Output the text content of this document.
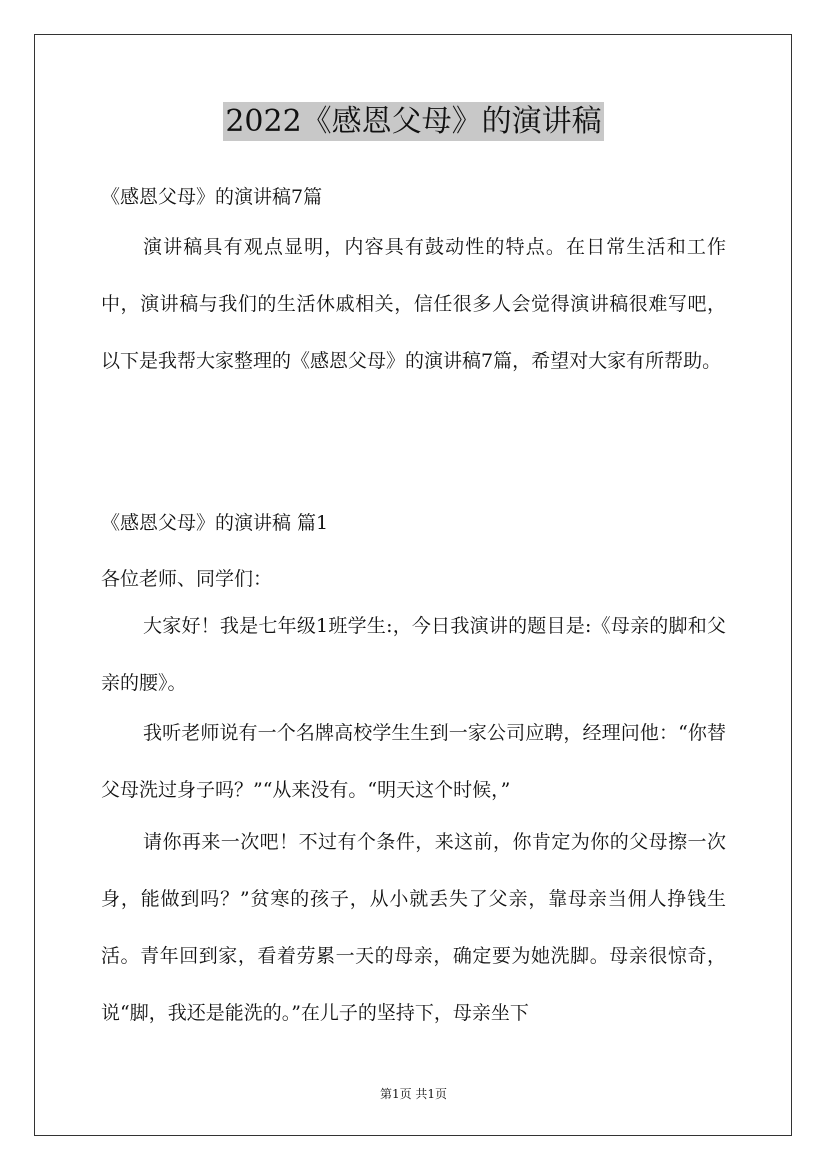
2022《感恩父母》的演讲稿
《感恩父母》的演讲稿7篇
演讲稿具有观点显明，内容具有鼓动性的特点。在日常生活和工作中，演讲稿与我们的生活休戚相关，信任很多人会觉得演讲稿很难写吧，以下是我帮大家整理的《感恩父母》的演讲稿7篇，希望对大家有所帮助。
《感恩父母》的演讲稿 篇1
各位老师、同学们：
大家好！我是七年级1班学生:，今日我演讲的题目是:《母亲的脚和父亲的腰》。
我听老师说有一个名牌高校学生生到一家公司应聘，经理问他：“你替父母洗过身子吗？”“从来没有。“明天这个时候，”
请你再来一次吧！不过有个条件，来这前，你肯定为你的父母擦一次身，能做到吗？”贫寒的孩子，从小就丢失了父亲，靠母亲当佣人挣钱生活。青年回到家，看着劳累一天的母亲，确定要为她洗脚。母亲很惊奇，说“脚，我还是能洗的。”在儿子的坚持下，母亲坐下
第1页 共1页
